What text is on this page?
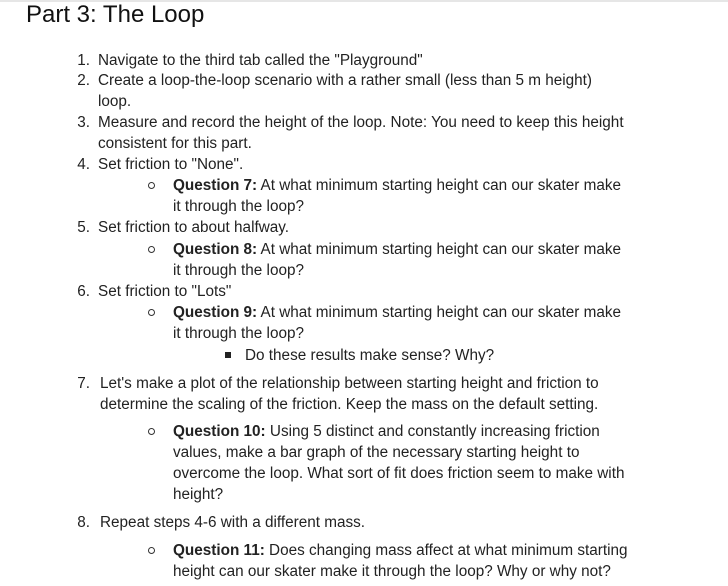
Part 3: The Loop
1. Navigate to the third tab called the "Playground"
2. Create a loop-the-loop scenario with a rather small (less than 5 m height)
loop.
3. Measure and record the height of the loop. Note: You need to keep this height
consistent for this part.
4. Set friction to "None".
Question 7: At what minimum starting height can our skater make
it through the loop?
5. Set friction to about halfway.
Question 8: At what minimum starting height can our skater make
it through the loop?
6. Set friction to "Lots"
Question 9: At what minimum starting height can our skater make
it through the loop?
Do these results make sense? Why?
7. Let's make a plot of the relationship between starting height and friction to
determine the scaling of the friction. Keep the mass on the default setting.
Question 10: Using 5 distinct and constantly increasing friction
values, make a bar graph of the necessary starting height to
overcome the loop. What sort of fit does friction seem to make with
height?
8. Repeat steps 4-6 with a different mass.
Question 11: Does changing mass affect at what minimum starting
height can our skater make it through the loop? Why or why not?
